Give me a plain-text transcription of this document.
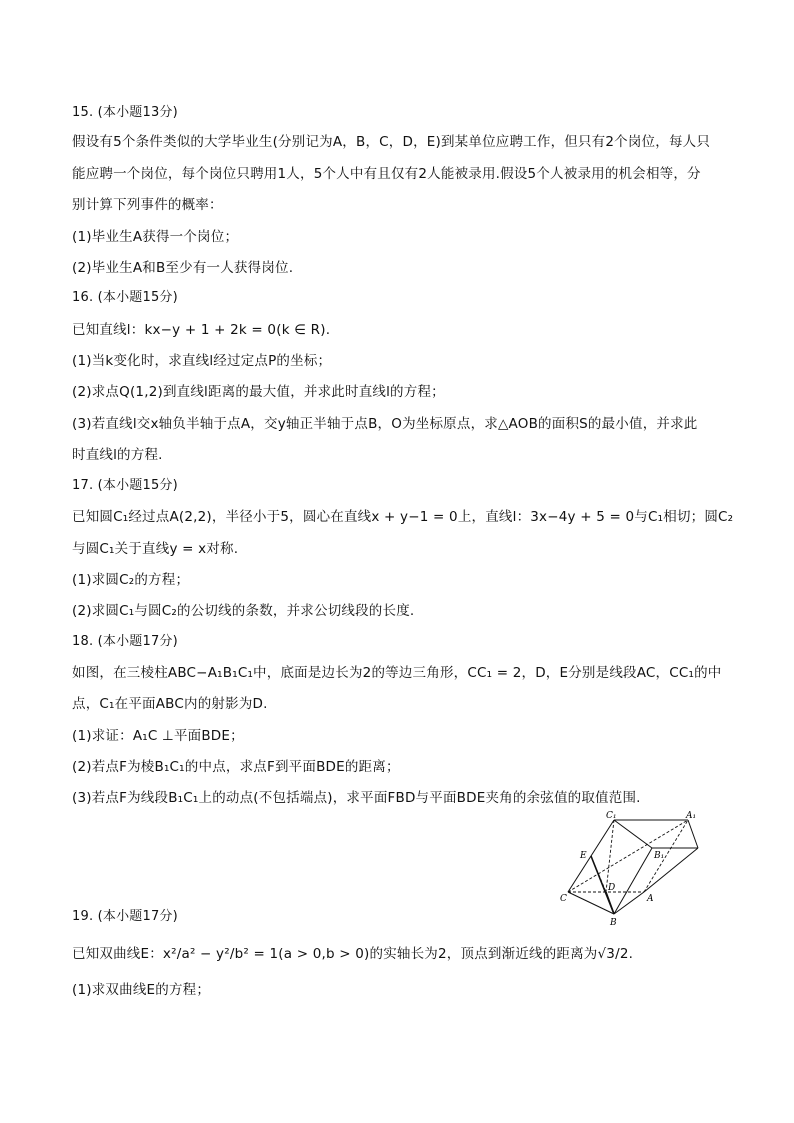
15. (本小题13分)
假设有5个条件类似的大学毕业生(分别记为A，B，C，D，E)到某单位应聘工作，但只有2个岗位，每人只
能应聘一个岗位，每个岗位只聘用1人，5个人中有且仅有2人能被录用.假设5个人被录用的机会相等，分
别计算下列事件的概率：
(1)毕业生A获得一个岗位；
(2)毕业生A和B至少有一人获得岗位.
16. (本小题15分)
已知直线l：kx−y + 1 + 2k = 0(k ∈ R).
(1)当k变化时，求直线l经过定点P的坐标；
(2)求点Q(1,2)到直线l距离的最大值，并求此时直线l的方程；
(3)若直线l交x轴负半轴于点A，交y轴正半轴于点B，O为坐标原点，求△AOB的面积S的最小值，并求此
时直线l的方程.
17. (本小题15分)
已知圆C₁经过点A(2,2)，半径小于5，圆心在直线x + y−1 = 0上，直线l：3x−4y + 5 = 0与C₁相切；圆C₂
与圆C₁关于直线y = x对称.
(1)求圆C₂的方程；
(2)求圆C₁与圆C₂的公切线的条数，并求公切线段的长度.
18. (本小题17分)
如图，在三棱柱ABC−A₁B₁C₁中，底面是边长为2的等边三角形，CC₁ = 2，D，E分别是线段AC，CC₁的中
点，C₁在平面ABC内的射影为D.
(1)求证：A₁C ⊥平面BDE；
(2)若点F为棱B₁C₁的中点，求点F到平面BDE的距离；
(3)若点F为线段B₁C₁上的动点(不包括端点)，求平面FBD与平面BDE夹角的余弦值的取值范围.
C₁	A₁
B₁
E
D
C	A
B
19. (本小题17分)
已知双曲线E：x²/a² − y²/b² = 1(a > 0,b > 0)的实轴长为2，顶点到渐近线的距离为√3/2.
(1)求双曲线E的方程；
